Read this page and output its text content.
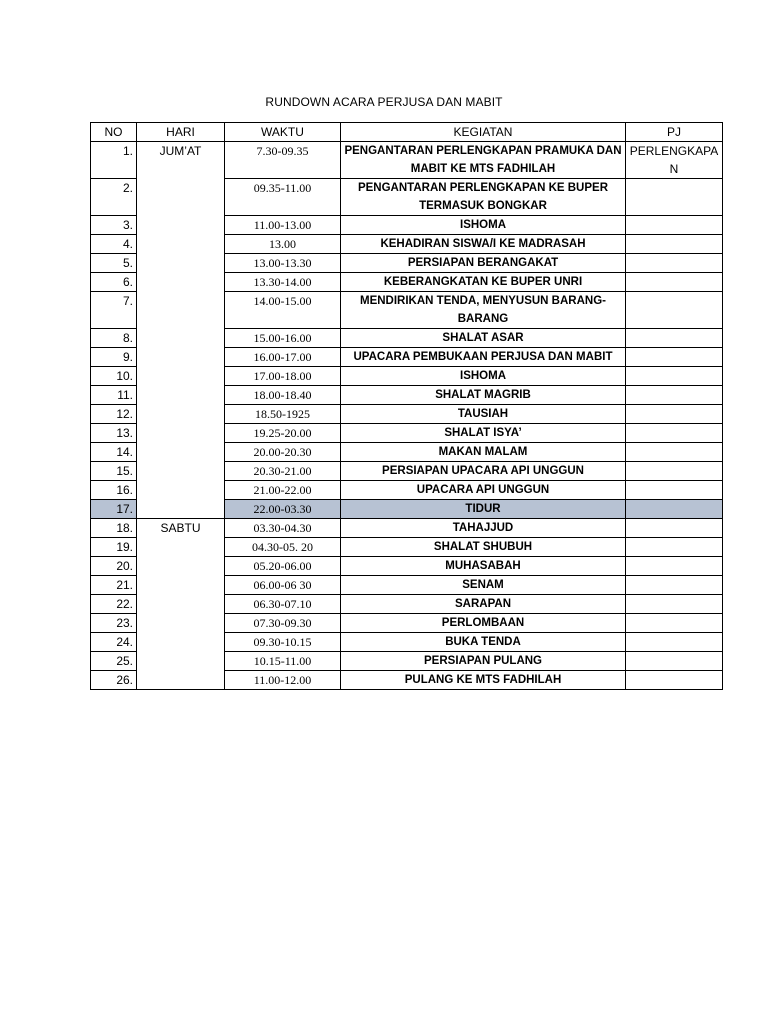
RUNDOWN ACARA PERJUSA DAN MABIT
NO	HARI	WAKTU	KEGIATAN	PJ
1.	JUM’AT	7.30-09.35	PENGANTARAN PERLENGKAPAN PRAMUKA DAN MABIT KE MTS FADHILAH	PERLENGKAPAN
2.		09.35-11.00	PENGANTARAN PERLENGKAPAN KE BUPER TERMASUK BONGKAR	
3.		11.00-13.00	ISHOMA	
4.		13.00	KEHADIRAN SISWA/I KE MADRASAH	
5.		13.00-13.30	PERSIAPAN BERANGAKAT	
6.		13.30-14.00	KEBERANGKATAN KE BUPER UNRI	
7.		14.00-15.00	MENDIRIKAN TENDA, MENYUSUN BARANG-BARANG	
8.		15.00-16.00	SHALAT ASAR	
9.		16.00-17.00	UPACARA PEMBUKAAN PERJUSA DAN MABIT	
10.		17.00-18.00	ISHOMA	
11.		18.00-18.40	SHALAT MAGRIB	
12.		18.50-1925	TAUSIAH	
13.		19.25-20.00	SHALAT ISYA’	
14.		20.00-20.30	MAKAN MALAM	
15.		20.30-21.00	PERSIAPAN UPACARA API UNGGUN	
16.		21.00-22.00	UPACARA API UNGGUN	
17.		22.00-03.30	TIDUR	
18.	SABTU	03.30-04.30	TAHAJJUD	
19.		04.30-05. 20	SHALAT SHUBUH	
20.		05.20-06.00	MUHASABAH	
21.		06.00-06 30	SENAM	
22.		06.30-07.10	SARAPAN	
23.		07.30-09.30	PERLOMBAAN	
24.		09.30-10.15	BUKA TENDA	
25.		10.15-11.00	PERSIAPAN PULANG	
26.		11.00-12.00	PULANG KE MTS FADHILAH	
